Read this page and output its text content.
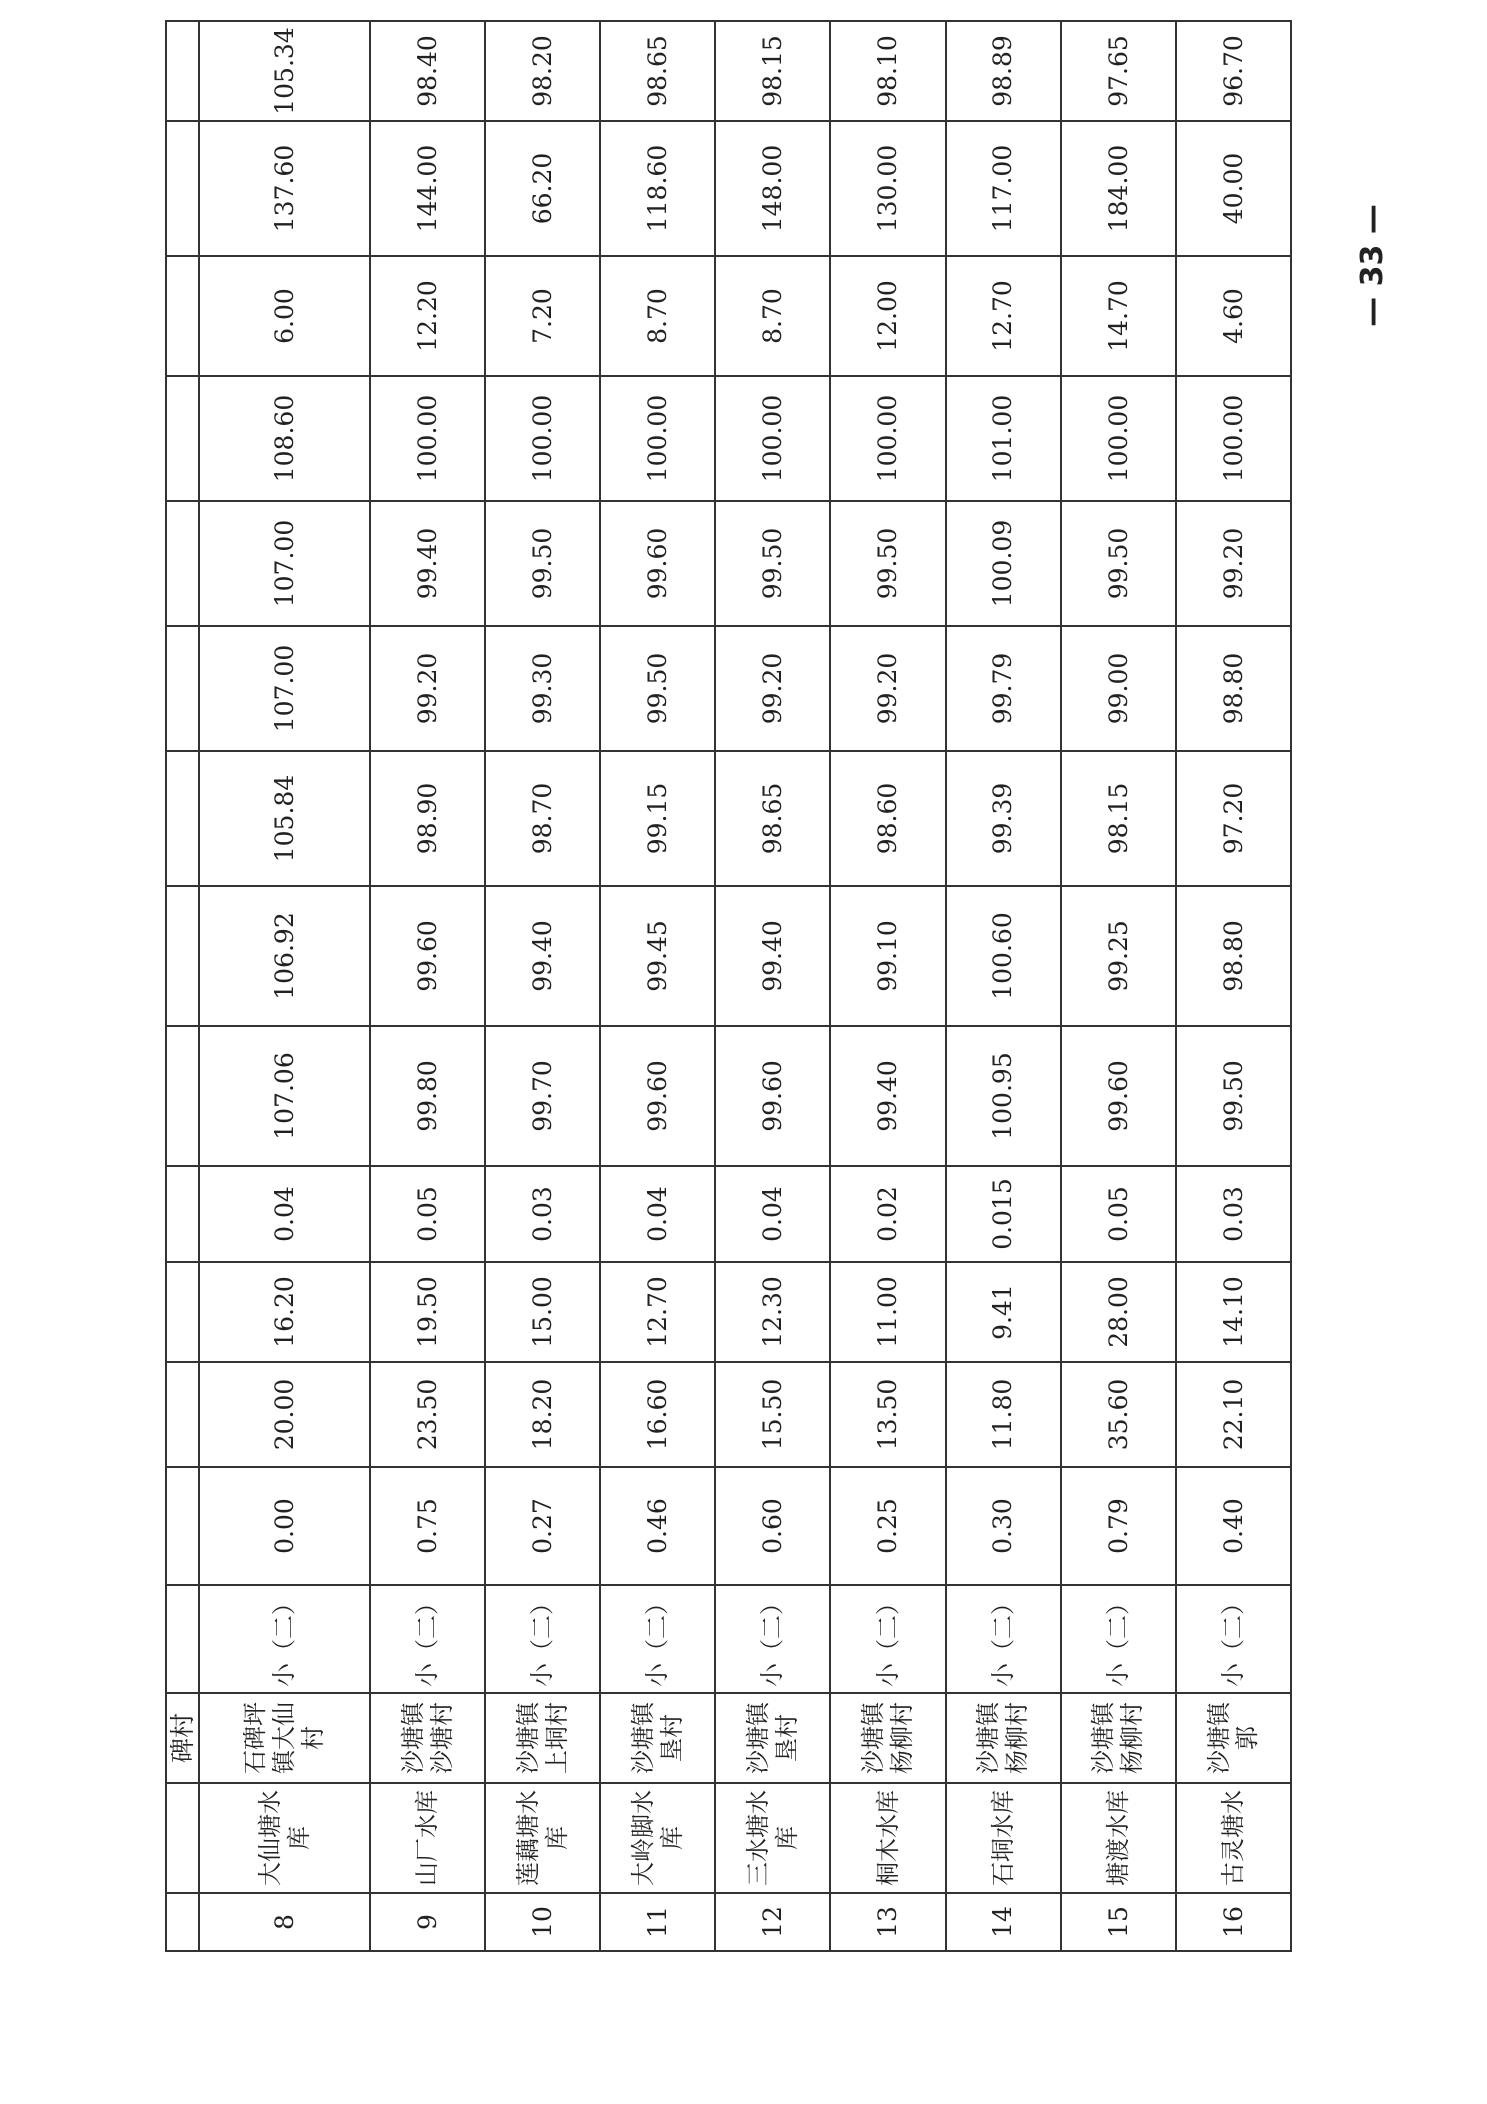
		碑村														
8	大仙塘水库	石碑坪镇大仙村	小（二）	0.00	20.00	16.20	0.04	107.06	106.92	105.84	107.00	107.00	108.60	6.00	137.60	105.34
9	山厂水库	沙塘镇沙塘村	小（二）	0.75	23.50	19.50	0.05	99.80	99.60	98.90	99.20	99.40	100.00	12.20	144.00	98.40
10	莲藕塘水库	沙塘镇上垌村	小（二）	0.27	18.20	15.00	0.03	99.70	99.40	98.70	99.30	99.50	100.00	7.20	66.20	98.20
11	大岭脚水库	沙塘镇垦村	小（二）	0.46	16.60	12.70	0.04	99.60	99.45	99.15	99.50	99.60	100.00	8.70	118.60	98.65
12	三水塘水库	沙塘镇垦村	小（二）	0.60	15.50	12.30	0.04	99.60	99.40	98.65	99.20	99.50	100.00	8.70	148.00	98.15
13	桐木水库	沙塘镇杨柳村	小（二）	0.25	13.50	11.00	0.02	99.40	99.10	98.60	99.20	99.50	100.00	12.00	130.00	98.10
14	石垌水库	沙塘镇杨柳村	小（二）	0.30	11.80	9.41	0.015	100.95	100.60	99.39	99.79	100.09	101.00	12.70	117.00	98.89
15	塘渡水库	沙塘镇杨柳村	小（二）	0.79	35.60	28.00	0.05	99.60	99.25	98.15	99.00	99.50	100.00	14.70	184.00	97.65
16	古灵塘水	沙塘镇郭	小（二）	0.40	22.10	14.10	0.03	99.50	98.80	97.20	98.80	99.20	100.00	4.60	40.00	96.70
— 33 —
